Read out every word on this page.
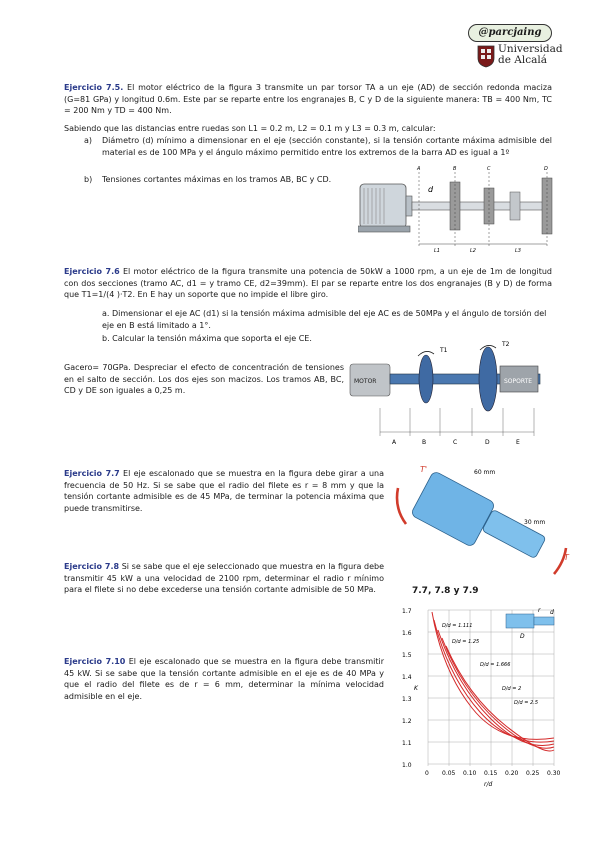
@parcjaing
Universidad
de Alcalá
Ejercicio 7.5. El motor eléctrico de la figura 3 transmite un par torsor TA a un eje (AD) de sección redonda maciza (G=81 GPa) y longitud 0.6m. Este par se reparte entre los engranajes B, C y D de la siguiente manera: TB = 400 Nm, TC = 200 Nm y TD = 400 Nm.
Sabiendo que las distancias entre ruedas son L1 = 0.2 m, L2 = 0.1 m y L3 = 0.3 m, calcular:
a) Diámetro (d) mínimo a dimensionar en el eje (sección constante), si la tensión cortante máxima admisible del material es de 100 MPa y el ángulo máximo permitido entre los extremos de la barra AD es igual a 1º
b) Tensiones cortantes máximas en los tramos AB, BC y CD.
A	B	C	D
d
L1	L2	L3
Ejercicio 7.6 El motor eléctrico de la figura transmite una potencia de 50kW a 1000 rpm, a un eje de 1m de longitud con dos secciones (tramo AC, d1 = y tramo CE, d2=39mm). El par se reparte entre los dos engranajes (B y D) de forma que T1=1/(4 )·T2. En E hay un soporte que no impide el libre giro.
a. Dimensionar el eje AC (d1) si la tensión máxima admisible del eje AC es de 50MPa y el ángulo de torsión del eje en B está limitado a 1°.
b. Calcular la tensión máxima que soporta el eje CE.
Gacero= 70GPa. Despreciar el efecto de concentración de tensiones en el salto de sección. Los dos ejes son macizos. Los tramos AB, BC, CD y DE son iguales a 0,25 m.
MOTOR	SOPORTE
T1
T2
A	B	C	D	E
Ejercicio 7.7 El eje escalonado que se muestra en la figura debe girar a una frecuencia de 50 Hz. Si se sabe que el radio del filete es r = 8 mm y que la tensión cortante admisible es de 45 MPa, de terminar la potencia máxima que puede transmitirse.
T'
T
60 mm
30 mm
Ejercicio 7.8 Si se sabe que el eje seleccionado que muestra en la figura debe transmitir 45 kW a una velocidad de 2100 rpm, determinar el radio r mínimo para el filete si no debe excederse una tensión cortante admisible de 50 MPa.
Ejercicio 7.10 El eje escalonado que se muestra en la figura debe transmitir 45 kW. Si se sabe que la tensión cortante admisible en el eje es de 40 MPa y que el radio del filete es de r = 6 mm, determinar la mínima velocidad admisible en el eje.
7.7, 7.8 y 7.9
1.7
1.6
1.5
1.4
1.3
1.2
1.1
1.0
0 0.05 0.10 0.15 0.20 0.25 0.30
K
r/d
D/d = 1.111
D/d = 1.25
D/d = 1.666
D/d = 2
D/d = 2.5
D
d
r
